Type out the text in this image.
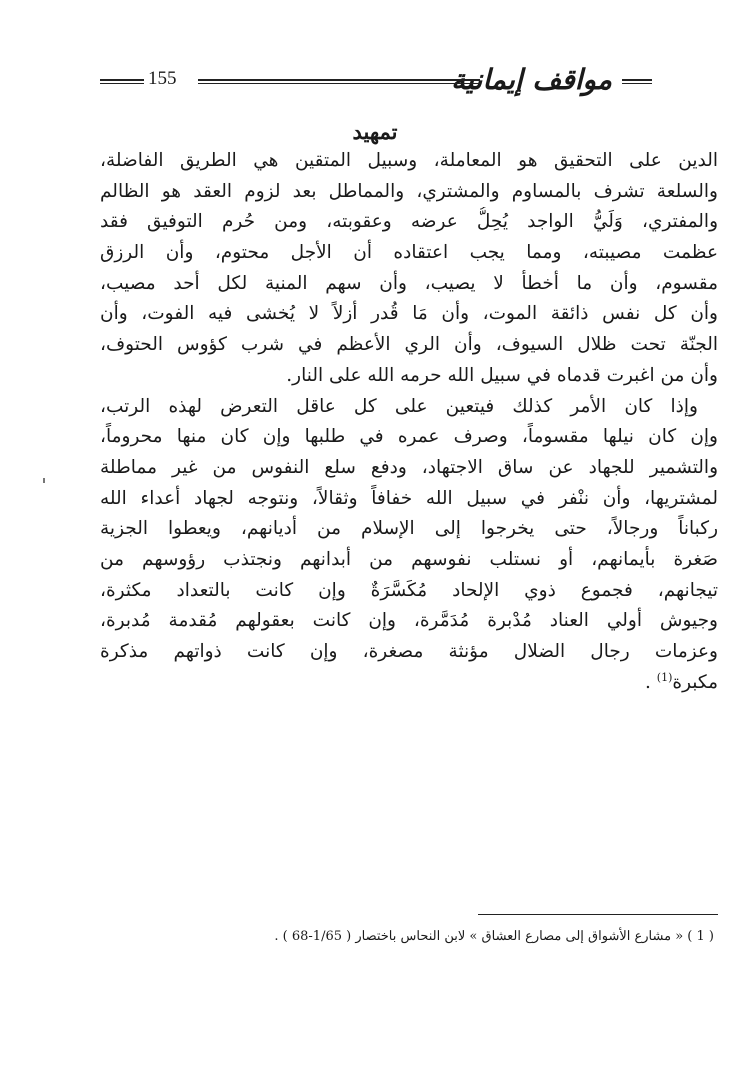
مواقف إيمانية
155
تمهيد
الدين على التحقيق هو المعاملة، وسبيل المتقين هي الطريق الفاضلة،
والسلعة تشرف بالمساوم والمشتري، والمماطل بعد لزوم العقد هو الظالم
والمفتري، وَلَيُّ الواجد يُحِلُّ عرضه وعقوبته، ومن حُرم التوفيق فقد
عظمت مصيبته، ومما يجب اعتقاده أن الأجل محتوم، وأن الرزق
مقسوم، وأن ما أخطأ لا يصيب، وأن سهم المنية لكل أحد مصيب،
وأن كل نفس ذائقة الموت، وأن مَا قُدر أزلاً لا يُخشى فيه الفوت، وأن
الجنّة تحت ظلال السيوف، وأن الري الأعظم في شرب كؤوس الحتوف،
وأن من اغبرت قدماه في سبيل الله حرمه الله على النار.
وإذا كان الأمر كذلك فيتعين على كل عاقل التعرض لهذه الرتب،
وإن كان نيلها مقسوماً، وصرف عمره في طلبها وإن كان منها محروماً،
والتشمير للجهاد عن ساق الاجتهاد، ودفع سلع النفوس من غير مماطلة
لمشتريها، وأن ننْفر في سبيل الله خفافاً وثقالاً، ونتوجه لجهاد أعداء الله
ركباناً ورجالاً، حتى يخرجوا إلى الإسلام من أديانهم، ويعطوا الجزية
صَغرة بأيمانهم، أو نستلب نفوسهم من أبدانهم ونجتذب رؤوسهم من
تيجانهم، فجموع ذوي الإلحاد مُكَسَّرَةٌ وإن كانت بالتعداد مكثرة،
وجيوش أولي العناد مُدْبرة مُدَمَّرة، وإن كانت بعقولهم مُقدمة مُدبرة،
وعزمات رجال الضلال مؤنثة مصغرة، وإن كانت ذواتهم مذكرة
مكبرة$^{(1)}$ .
( 1 ) « مشارع الأشواق إلى مصارع العشاق » لابن النحاس باختصار ( 1/65-68 ) .
